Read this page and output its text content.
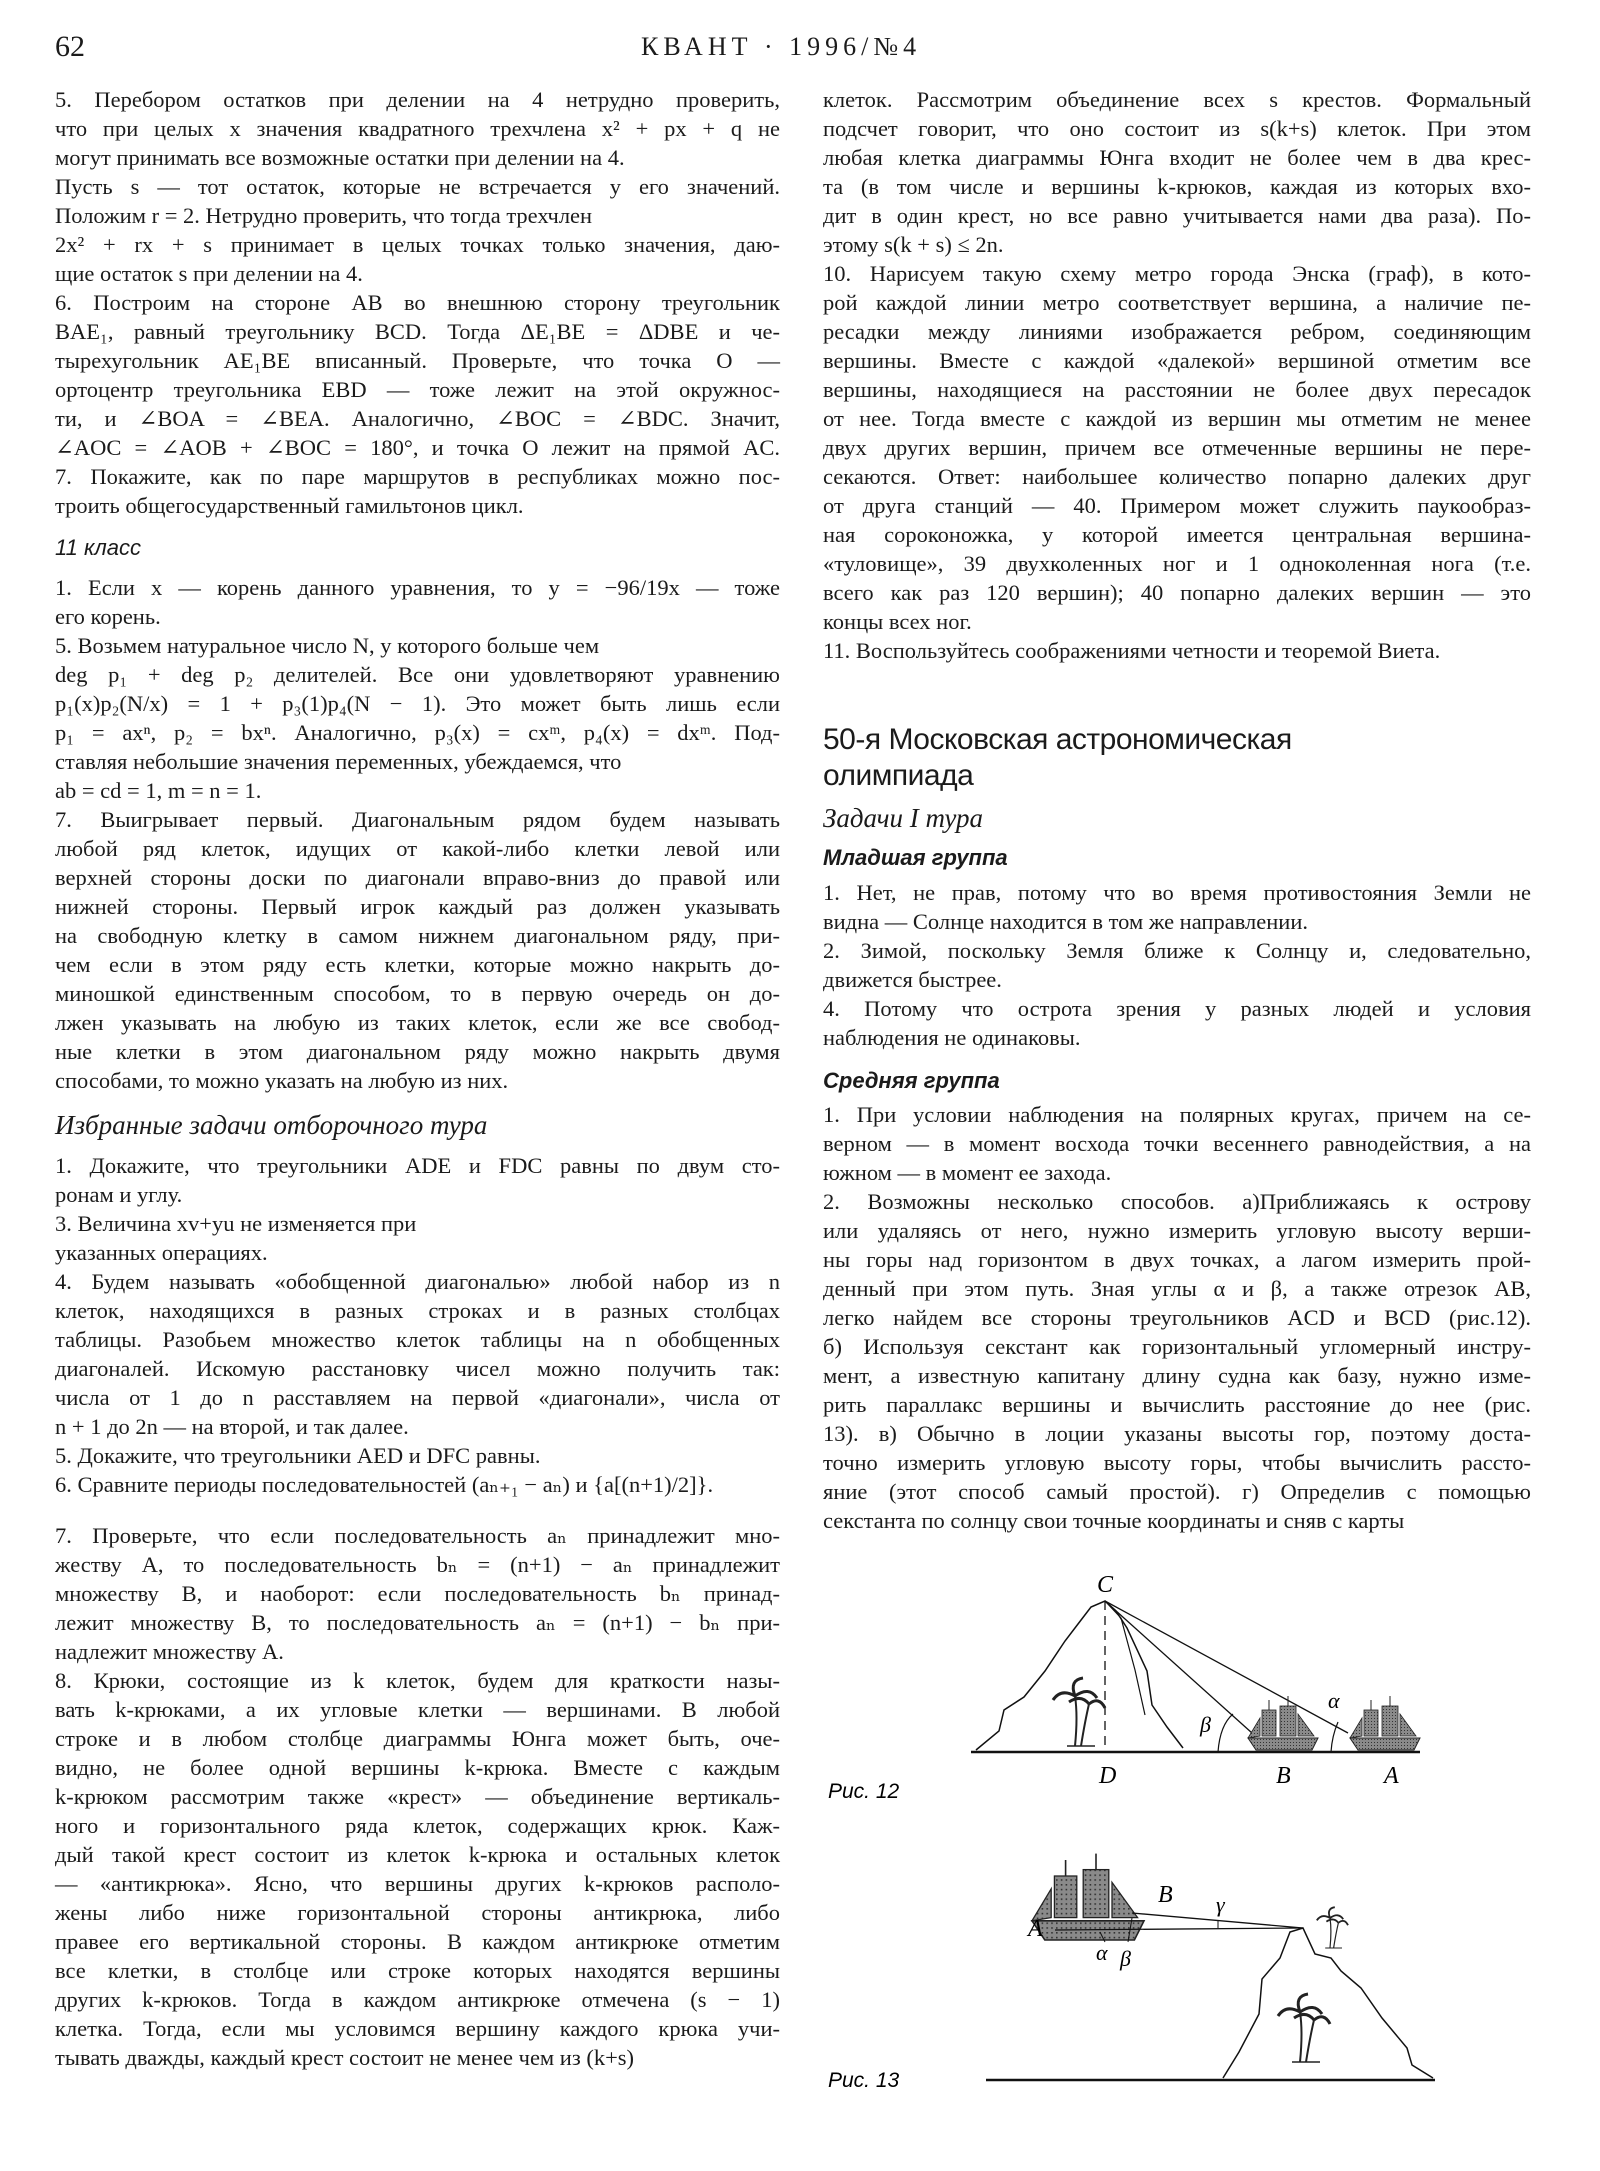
62	КВАНТ · 1996/№4
5. Перебором остатков при делении на 4 нетрудно проверить,
что при целых x значения квадратного трехчлена x² + px + q не
могут принимать все возможные остатки при делении на 4.
Пусть s — тот остаток, которые не встречается у его значений.
Положим r = 2. Нетрудно проверить, что тогда трехчлен
2x² + rx + s принимает в целых точках только значения, даю-
щие остаток s при делении на 4.
6. Построим на стороне AB во внешнюю сторону треугольник
BAE₁, равный треугольнику BCD. Тогда ΔE₁BE = ΔDBE и че-
тырехугольник AE₁BE вписанный. Проверьте, что точка O —
ортоцентр треугольника EBD — тоже лежит на этой окружнос-
ти, и ∠BOA = ∠BEA. Аналогично, ∠BOC = ∠BDC. Значит,
∠AOC = ∠AOB + ∠BOC = 180°, и точка O лежит на прямой AC.
7. Покажите, как по паре маршрутов в республиках можно пос-
троить общегосударственный гамильтонов цикл.
11 класс
1. Если x — корень данного уравнения, то y = −96/19x — тоже
его корень.
5. Возьмем натуральное число N, у которого больше чем
deg p₁ + deg p₂ делителей. Все они удовлетворяют уравнению
p₁(x)p₂(N/x) = 1 + p₃(1)p₄(N − 1). Это может быть лишь если
p₁ = axⁿ, p₂ = bxⁿ. Аналогично, p₃(x) = cxᵐ, p₄(x) = dxᵐ. Под-
ставляя небольшие значения переменных, убеждаемся, что
ab = cd = 1, m = n = 1.
7. Выигрывает первый. Диагональным рядом будем называть
любой ряд клеток, идущих от какой-либо клетки левой или
верхней стороны доски по диагонали вправо-вниз до правой или
нижней стороны. Первый игрок каждый раз должен указывать
на свободную клетку в самом нижнем диагональном ряду, при-
чем если в этом ряду есть клетки, которые можно накрыть до-
миношкой единственным способом, то в первую очередь он до-
лжен указывать на любую из таких клеток, если же все свобод-
ные клетки в этом диагональном ряду можно накрыть двумя
способами, то можно указать на любую из них.
Избранные задачи отборочного тура
1. Докажите, что треугольники ADE и FDC равны по двум сто-
ронам и углу.
3. Величина xv+yu не изменяется при
указанных операциях.
4. Будем называть «обобщенной диагональю» любой набор из n
клеток, находящихся в разных строках и в разных столбцах
таблицы. Разобьем множество клеток таблицы на n обобщенных
диагоналей. Искомую расстановку чисел можно получить так:
числа от 1 до n расставляем на первой «диагонали», числа от
n + 1 до 2n — на второй, и так далее.
5. Докажите, что треугольники AED и DFC равны.
6. Сравните периоды последовательностей (aₙ₊₁ − aₙ) и {a[(n+1)/2]}.
7. Проверьте, что если последовательность aₙ принадлежит мно-
жеству A, то последовательность bₙ = (n+1) − aₙ принадлежит
множеству B, и наоборот: если последовательность bₙ принад-
лежит множеству B, то последовательность aₙ = (n+1) − bₙ при-
надлежит множеству A.
8. Крюки, состоящие из k клеток, будем для краткости назы-
вать k-крюками, а их угловые клетки — вершинами. В любой
строке и в любом столбце диаграммы Юнга может быть, оче-
видно, не более одной вершины k-крюка. Вместе с каждым
k-крюком рассмотрим также «крест» — объединение вертикаль-
ного и горизонтального ряда клеток, содержащих крюк. Каж-
дый такой крест состоит из клеток k-крюка и остальных клеток
— «антикрюка». Ясно, что вершины других k-крюков располо-
жены либо ниже горизонтальной стороны антикрюка, либо
правее его вертикальной стороны. В каждом антикрюке отметим
все клетки, в столбце или строке которых находятся вершины
других k-крюков. Тогда в каждом антикрюке отмечена (s − 1)
клетка. Тогда, если мы условимся вершину каждого крюка учи-
тывать дважды, каждый крест состоит не менее чем из (k+s)
клеток. Рассмотрим объединение всех s крестов. Формальный
подсчет говорит, что оно состоит из s(k+s) клеток. При этом
любая клетка диаграммы Юнга входит не более чем в два крес-
та (в том числе и вершины k-крюков, каждая из которых вхо-
дит в один крест, но все равно учитывается нами два раза). По-
этому s(k + s) ≤ 2n.
10. Нарисуем такую схему метро города Энска (граф), в кото-
рой каждой линии метро соответствует вершина, а наличие пе-
ресадки между линиями изображается ребром, соединяющим
вершины. Вместе с каждой «далекой» вершиной отметим все
вершины, находящиеся на расстоянии не более двух пересадок
от нее. Тогда вместе с каждой из вершин мы отметим не менее
двух других вершин, причем все отмеченные вершины не пере-
секаются. Ответ: наибольшее количество попарно далеких друг
от друга станций — 40. Примером может служить паукообраз-
ная сороконожка, у которой имеется центральная вершина-
«туловище», 39 двухколенных ног и 1 одноколенная нога (т.е.
всего как раз 120 вершин); 40 попарно далеких вершин — это
концы всех ног.
11. Воспользуйтесь соображениями четности и теоремой Виета.
50-я Московская астрономическая
олимпиада
Задачи I тура
Младшая группа
1. Нет, не прав, потому что во время противостояния Земли не
видна — Солнце находится в том же направлении.
2. Зимой, поскольку Земля ближе к Солнцу и, следовательно,
движется быстрее.
4. Потому что острота зрения у разных людей и условия
наблюдения не одинаковы.
Средняя группа
1. При условии наблюдения на полярных кругах, причем на се-
верном — в момент восхода точки весеннего равнодействия, а на
южном — в момент ее захода.
2. Возможны несколько способов. а)Приближаясь к острову
или удаляясь от него, нужно измерить угловую высоту верши-
ны горы над горизонтом в двух точках, а лагом измерить прой-
денный при этом путь. Зная углы α и β, а также отрезок AB,
легко найдем все стороны треугольников ACD и BCD (рис.12).
б) Используя секстант как горизонтальный угломерный инстру-
мент, а известную капитану длину судна как базу, нужно изме-
рить параллакс вершины и вычислить расстояние до нее (рис.
13). в) Обычно в лоции указаны высоты гор, поэтому доста-
точно измерить угловую высоту горы, чтобы вычислить рассто-
яние (этот способ самый простой). г) Определив с помощью
секстанта по солнцу свои точные координаты и сняв с карты
C
β
α
D	B	A
Рис. 12
B
A
γ
α β
Рис. 13
